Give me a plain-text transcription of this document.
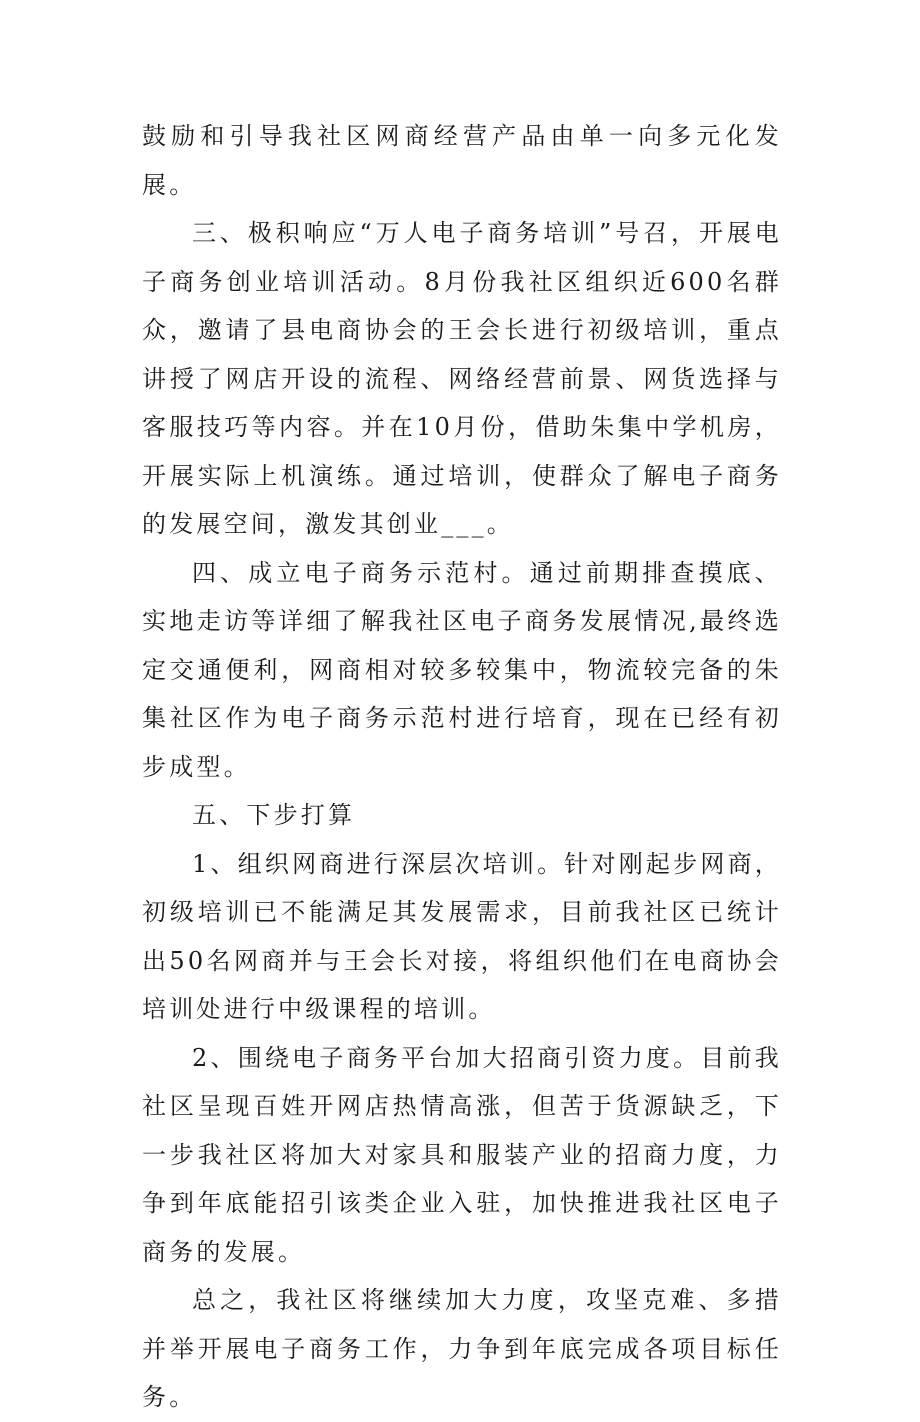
鼓励和引导我社区网商经营产品由单一向多元化发展。

三、极积响应“万人电子商务培训”号召，开展电子商务创业培训活动。8月份我社区组织近600名群众，邀请了县电商协会的王会长进行初级培训，重点讲授了网店开设的流程、网络经营前景、网货选择与客服技巧等内容。并在10月份，借助朱集中学机房，开展实际上机演练。通过培训，使群众了解电子商务的发展空间，激发其创业___。

四、成立电子商务示范村。通过前期排查摸底、实地走访等详细了解我社区电子商务发展情况,最终选定交通便利，网商相对较多较集中，物流较完备的朱集社区作为电子商务示范村进行培育，现在已经有初步成型。

五、下步打算

1、组织网商进行深层次培训。针对刚起步网商，初级培训已不能满足其发展需求，目前我社区已统计出50名网商并与王会长对接，将组织他们在电商协会培训处进行中级课程的培训。

2、围绕电子商务平台加大招商引资力度。目前我社区呈现百姓开网店热情高涨，但苦于货源缺乏，下一步我社区将加大对家具和服装产业的招商力度，力争到年底能招引该类企业入驻，加快推进我社区电子商务的发展。

总之，我社区将继续加大力度，攻坚克难、多措并举开展电子商务工作，力争到年底完成各项目标任务。
